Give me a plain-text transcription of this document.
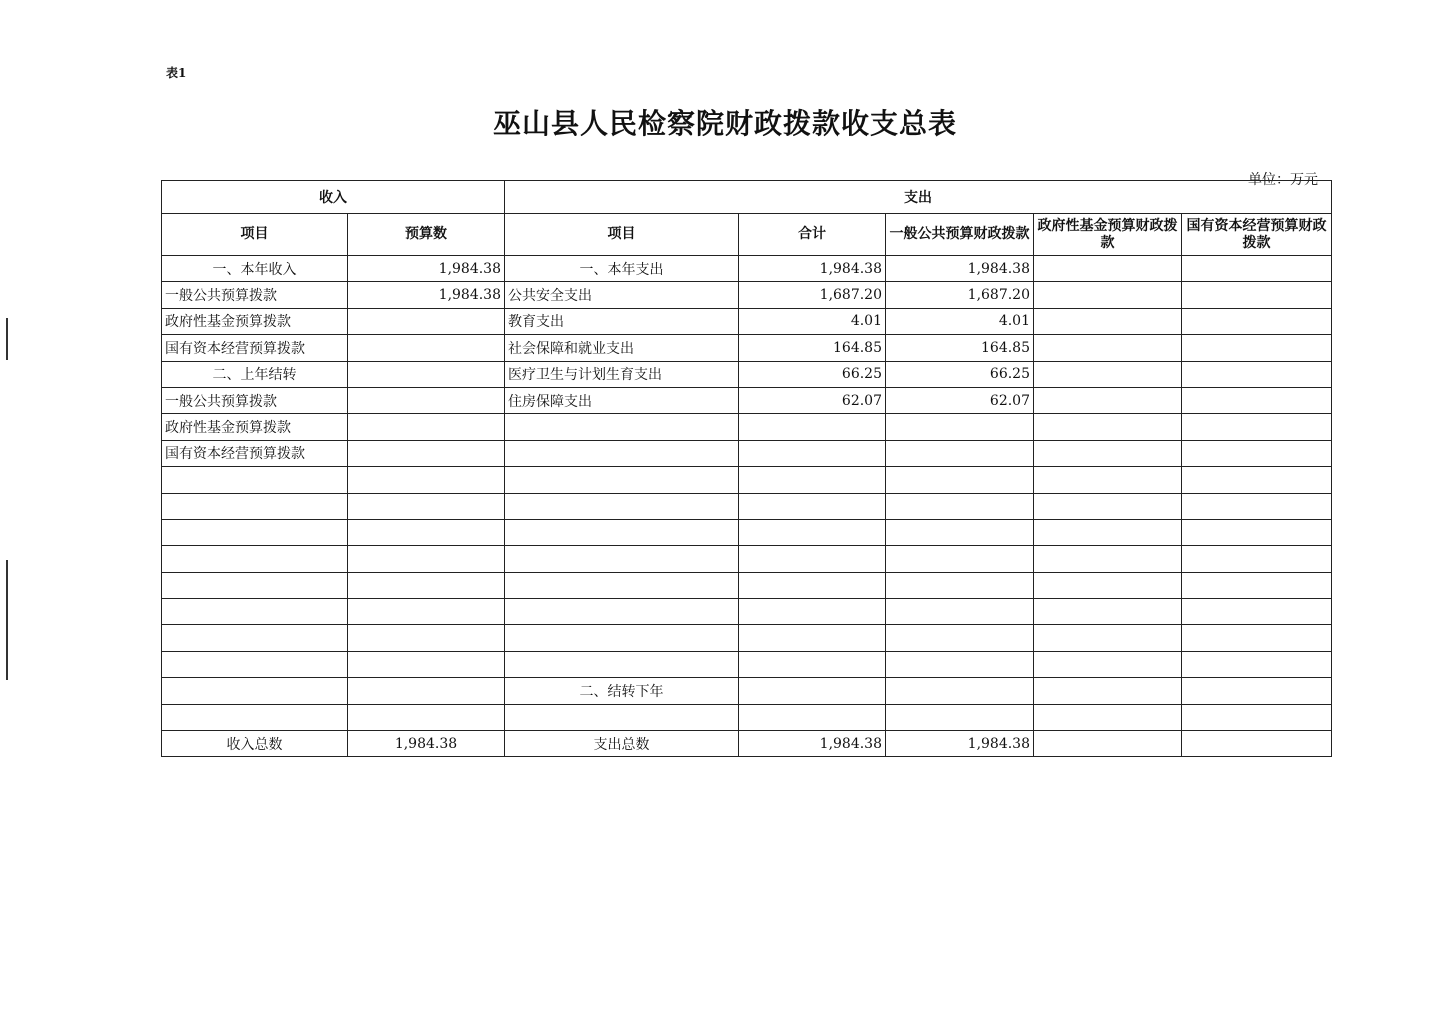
表1
巫山县人民检察院财政拨款收支总表
单位：万元
收入		支出				
项目	预算数	项目	合计	一般公共预算财政拨款	政府性基金预算财政拨款	国有资本经营预算财政拨款
一、本年收入	1,984.38	一、本年支出	1,984.38	1,984.38		
一般公共预算拨款	1,984.38	公共安全支出	1,687.20	1,687.20		
政府性基金预算拨款		教育支出	4.01	4.01		
国有资本经营预算拨款		社会保障和就业支出	164.85	164.85		
二、上年结转		医疗卫生与计划生育支出	66.25	66.25		
一般公共预算拨款		住房保障支出	62.07	62.07		
政府性基金预算拨款						
国有资本经营预算拨款						

		二、结转下年				

收入总数	1,984.38	支出总数	1,984.38	1,984.38		
